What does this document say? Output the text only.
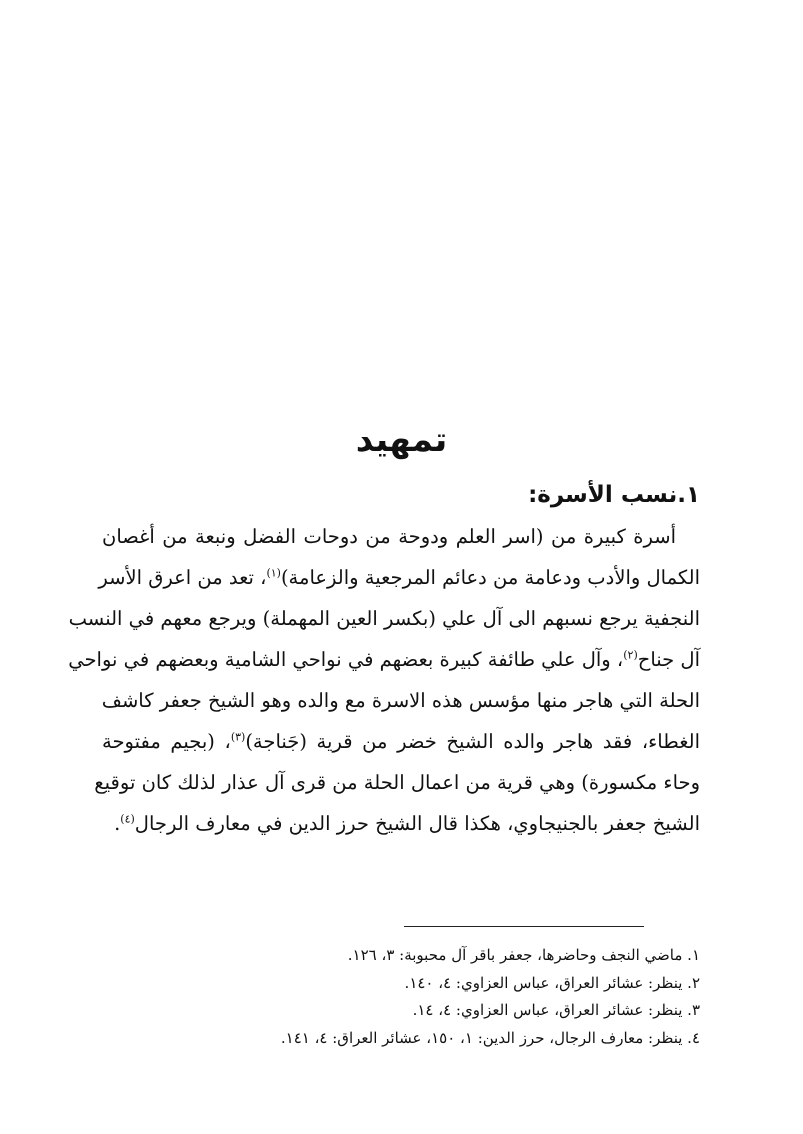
تمهيد
١.نسب الأسرة:
أسرة كبيرة من (اسر العلم ودوحة من دوحات الفضل ونبعة من أغصان
الكمال والأدب ودعامة من دعائم المرجعية والزعامة)$^{(١)}$، تعد من اعرق الأسر
النجفية يرجع نسبهم الى آل علي (بكسر العين المهملة) ويرجع معهم في النسب
آل جناح$^{(٢)}$، وآل علي طائفة كبيرة بعضهم في نواحي الشامية وبعضهم في نواحي
الحلة التي هاجر منها مؤسس هذه الاسرة مع والده وهو الشيخ جعفر كاشف
الغطاء، فقد هاجر والده الشيخ خضر من قرية (جَناجة)$^{(٣)}$، (بجيم مفتوحة
وحاء مكسورة) وهي قرية من اعمال الحلة من قرى آل عذار لذلك كان توقيع
الشيخ جعفر بالجنيجاوي، هكذا قال الشيخ حرز الدين في معارف الرجال$^{(٤)}$.
١. ماضي النجف وحاضرها، جعفر باقر آل محبوبة: ٣، ١٢٦.
٢. ينظر: عشائر العراق، عباس العزاوي: ٤، ١٤٠.
٣. ينظر: عشائر العراق، عباس العزاوي: ٤، ١٤.
٤. ينظر: معارف الرجال، حرز الدين: ١، ١٥٠، عشائر العراق: ٤، ١٤١.
